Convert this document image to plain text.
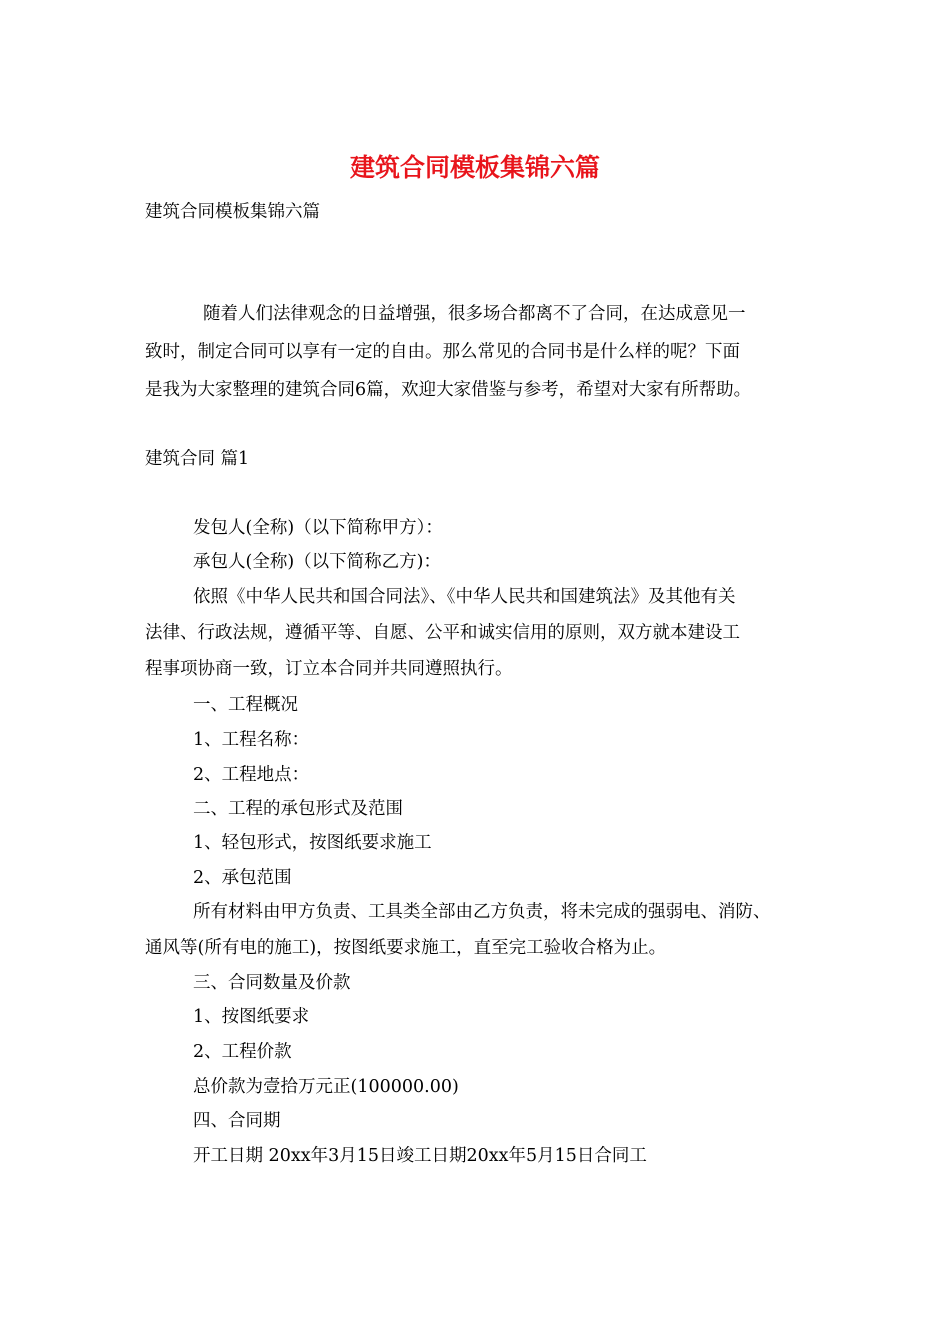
建筑合同模板集锦六篇
建筑合同模板集锦六篇
随着人们法律观念的日益增强，很多场合都离不了合同，在达成意见一
致时，制定合同可以享有一定的自由。那么常见的合同书是什么样的呢？下面
是我为大家整理的建筑合同6篇，欢迎大家借鉴与参考，希望对大家有所帮助。
建筑合同 篇1
发包人(全称)（以下简称甲方）：
承包人(全称)（以下简称乙方)：
依照《中华人民共和国合同法》、《中华人民共和国建筑法》及其他有关
法律、行政法规，遵循平等、自愿、公平和诚实信用的原则，双方就本建设工
程事项协商一致，订立本合同并共同遵照执行。
一、工程概况
1、工程名称：
2、工程地点：
二、工程的承包形式及范围
1、轻包形式，按图纸要求施工
2、承包范围
所有材料由甲方负责、工具类全部由乙方负责，将未完成的强弱电、消防、
通风等(所有电的施工)，按图纸要求施工，直至完工验收合格为止。
三、合同数量及价款
1、按图纸要求
2、工程价款
总价款为壹拾万元正(100000.00)
四、合同期
开工日期 20xx年3月15日竣工日期20xx年5月15日合同工
